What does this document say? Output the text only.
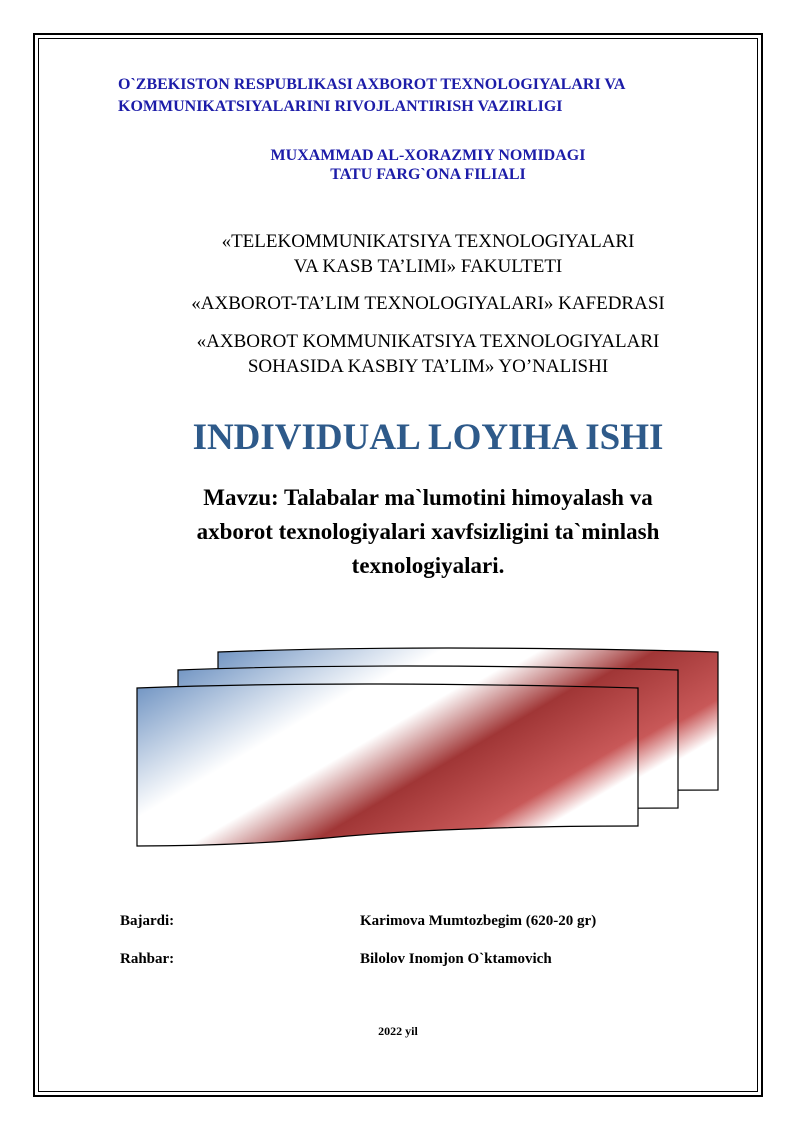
O`ZBEKISTON RESPUBLIKASI AXBOROT TEXNOLOGIYALARI VA
KOMMUNIKATSIYALARINI RIVOJLANTIRISH VAZIRLIGI
MUXAMMAD AL-XORAZMIY NOMIDAGI
TATU FARG`ONA FILIALI
«TELEKOMMUNIKATSIYA TEXNOLOGIYALARI
VA KASB TA’LIMI» FAKULTETI
«AXBOROT-TA’LIM TEXNOLOGIYALARI» KAFEDRASI
«AXBOROT KOMMUNIKATSIYA TEXNOLOGIYALARI
SOHASIDA KASBIY TA’LIM» YO’NALISHI
INDIVIDUAL LOYIHA ISHI
Mavzu: Talabalar ma`lumotini himoyalash va
axborot texnologiyalari xavfsizligini ta`minlash
texnologiyalari.
Bajardi:	Karimova Mumtozbegim (620-20 gr)
Rahbar:	Bilolov Inomjon O`ktamovich
2022 yil
